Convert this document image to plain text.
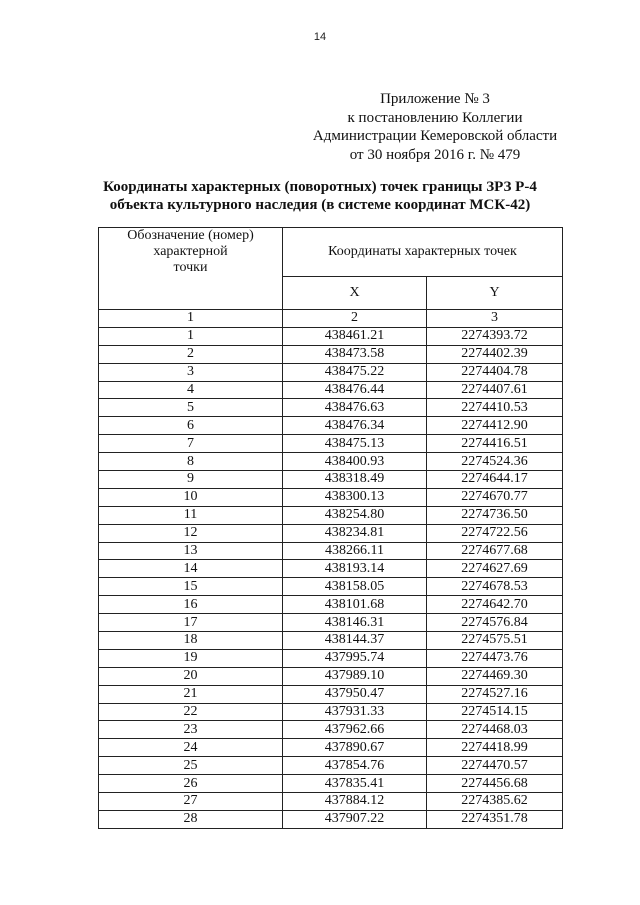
14
Приложение № 3
к постановлению Коллегии
Администрации Кемеровской области
от 30 ноября 2016 г. № 479
Координаты характерных (поворотных) точек границы ЗРЗ Р-4
объекта культурного наследия (в системе координат МСК-42)
Обозначение (номер)
характерной
точки	Координаты характерных точек	
	X	Y
1	2	3
1	438461.21	2274393.72
2	438473.58	2274402.39
3	438475.22	2274404.78
4	438476.44	2274407.61
5	438476.63	2274410.53
6	438476.34	2274412.90
7	438475.13	2274416.51
8	438400.93	2274524.36
9	438318.49	2274644.17
10	438300.13	2274670.77
11	438254.80	2274736.50
12	438234.81	2274722.56
13	438266.11	2274677.68
14	438193.14	2274627.69
15	438158.05	2274678.53
16	438101.68	2274642.70
17	438146.31	2274576.84
18	438144.37	2274575.51
19	437995.74	2274473.76
20	437989.10	2274469.30
21	437950.47	2274527.16
22	437931.33	2274514.15
23	437962.66	2274468.03
24	437890.67	2274418.99
25	437854.76	2274470.57
26	437835.41	2274456.68
27	437884.12	2274385.62
28	437907.22	2274351.78
